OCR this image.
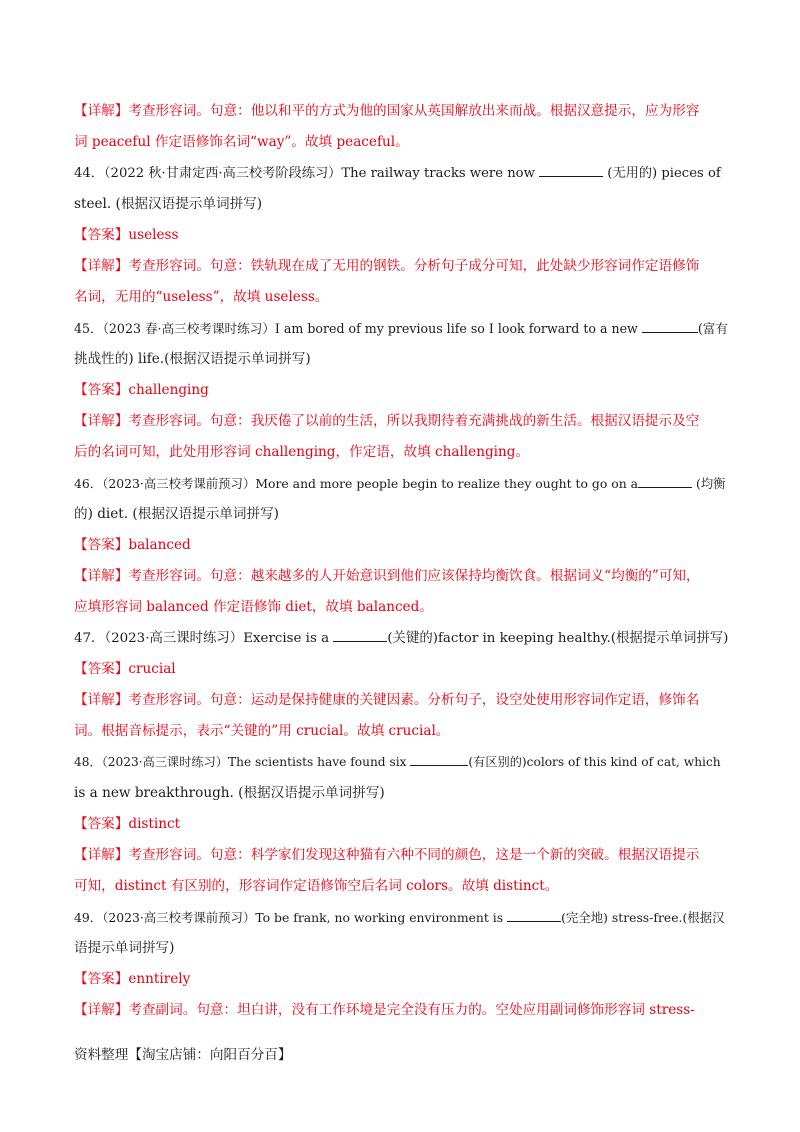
【详解】考查形容词。句意：他以和平的方式为他的国家从英国解放出来而战。根据汉意提示，应为形容
词 peaceful 作定语修饰名词“way”。故填 peaceful。
44．（2022 秋·甘肃定西·高三校考阶段练习）The railway tracks were now	(无用的) pieces of
steel. (根据汉语提示单词拼写)
【答案】useless
【详解】考查形容词。句意：铁轨现在成了无用的钢铁。分析句子成分可知，此处缺少形容词作定语修饰
名词，无用的“useless”，故填 useless。
45．（2023 春·高三校考课时练习）I am bored of my previous life so I look forward to a new	(富有
挑战性的) life.(根据汉语提示单词拼写)
【答案】challenging
【详解】考查形容词。句意：我厌倦了以前的生活，所以我期待着充满挑战的新生活。根据汉语提示及空
后的名词可知，此处用形容词 challenging，作定语，故填 challenging。
46．（2023·高三校考课前预习）More and more people begin to realize they ought to go on a	(均衡
的) diet. (根据汉语提示单词拼写)
【答案】balanced
【详解】考查形容词。句意：越来越多的人开始意识到他们应该保持均衡饮食。根据词义“均衡的”可知，
应填形容词 balanced 作定语修饰 diet，故填 balanced。
47．（2023·高三课时练习）Exercise is a	(关键的)factor in keeping healthy.(根据提示单词拼写)
【答案】crucial
【详解】考查形容词。句意：运动是保持健康的关键因素。分析句子，设空处使用形容词作定语，修饰名
词。根据音标提示，表示“关键的”用 crucial。故填 crucial。
48．（2023·高三课时练习）The scientists have found six	(有区别的)colors of this kind of cat, which
is a new breakthrough. (根据汉语提示单词拼写)
【答案】distinct
【详解】考查形容词。句意：科学家们发现这种猫有六种不同的颜色，这是一个新的突破。根据汉语提示
可知，distinct 有区别的，形容词作定语修饰空后名词 colors。故填 distinct。
49．（2023·高三校考课前预习）To be frank, no working environment is	(完全地) stress-free.(根据汉
语提示单词拼写)
【答案】enntirely
【详解】考查副词。句意：坦白讲，没有工作环境是完全没有压力的。空处应用副词修饰形容词 stress-
资料整理【淘宝店铺：向阳百分百】
